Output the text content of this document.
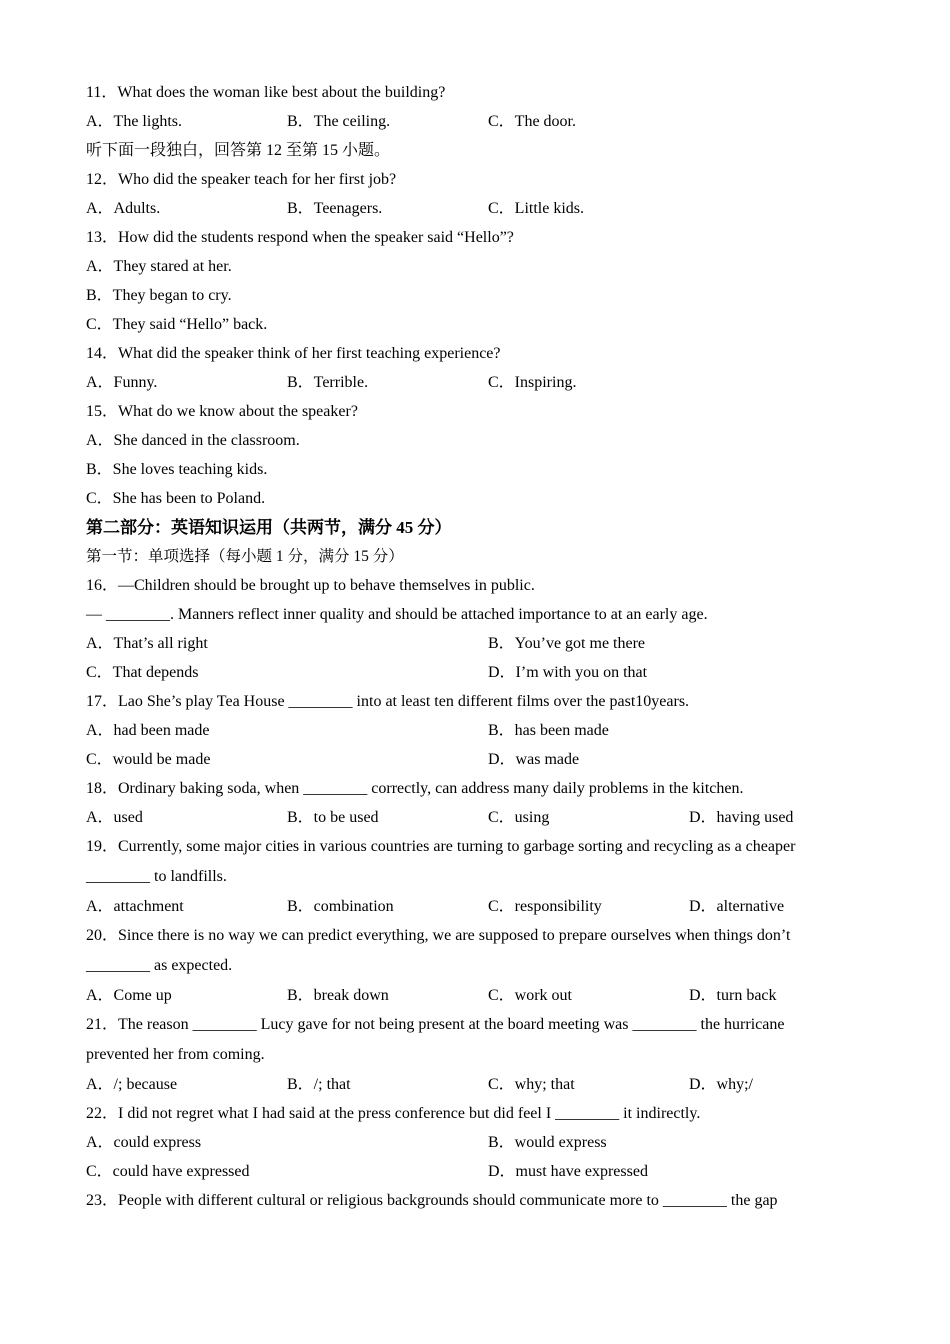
11．What does the woman like best about the building?
A．The lights.	B．The ceiling.	C．The door.
听下面一段独白，回答第 12 至第 15 小题。
12．Who did the speaker teach for her first job?
A．Adults.	B．Teenagers.	C．Little kids.
13．How did the students respond when the speaker said “Hello”?
A．They stared at her.
B．They began to cry.
C．They said “Hello” back.
14．What did the speaker think of her first teaching experience?
A．Funny.	B．Terrible.	C．Inspiring.
15．What do we know about the speaker?
A．She danced in the classroom.
B．She loves teaching kids.
C．She has been to Poland.
第二部分：英语知识运用（共两节，满分 45 分）
第一节：单项选择（每小题 1 分，满分 15 分）
16．—Children should be brought up to behave themselves in public.
— ________. Manners reflect inner quality and should be attached importance to at an early age.
A．That’s all right	B．You’ve got me there
C．That depends	D．I’m with you on that
17．Lao She’s play Tea House ________ into at least ten different films over the past10years.
A．had been made	B．has been made
C．would be made	D．was made
18．Ordinary baking soda, when ________ correctly, can address many daily problems in the kitchen.
A．used	B．to be used	C．using	D．having used
19．Currently, some major cities in various countries are turning to garbage sorting and recycling as a cheaper ________ to landfills.
A．attachment	B．combination	C．responsibility	D．alternative
20．Since there is no way we can predict everything, we are supposed to prepare ourselves when things don’t ________ as expected.
A．Come up	B．break down	C．work out	D．turn back
21．The reason ________ Lucy gave for not being present at the board meeting was ________ the hurricane prevented her from coming.
A．/; because	B．/; that	C．why; that	D．why;/
22．I did not regret what I had said at the press conference but did feel I ________ it indirectly.
A．could express	B．would express
C．could have expressed	D．must have expressed
23．People with different cultural or religious backgrounds should communicate more to ________ the gap
